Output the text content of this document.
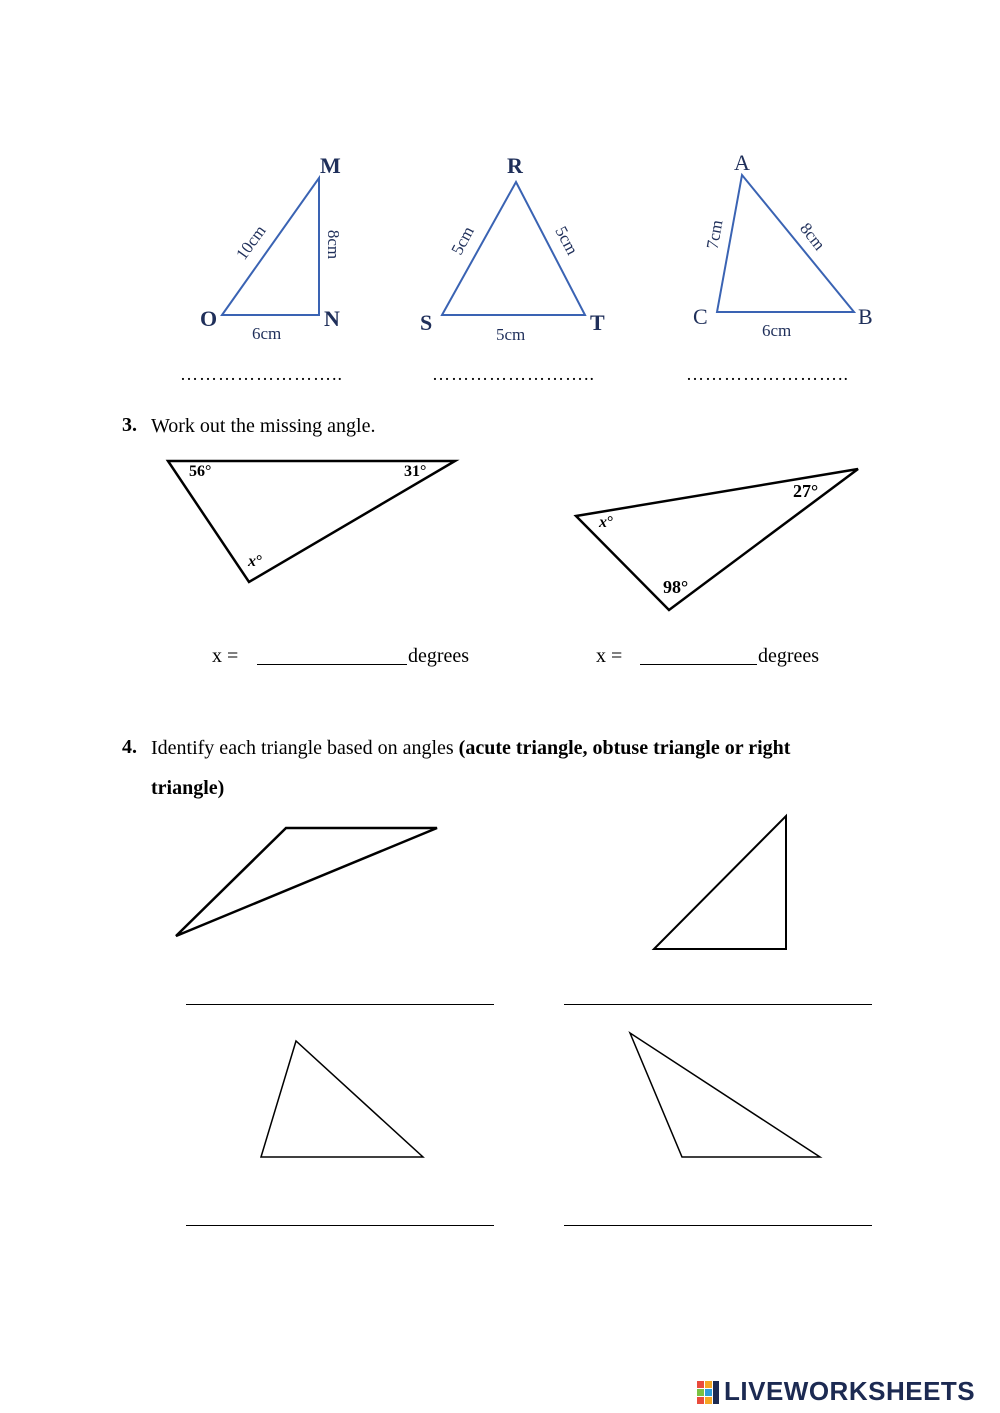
M
N
O
10cm	8cm
6cm
R
S	T
5cm	5cm
5cm
A
C	B
7cm	8cm
6cm
……………………..	……………………..	……………………..
3. Work out the missing angle.
56°	31°
x°
27°
98°
x°
x =	degrees	x =	degrees
4. Identify each triangle based on angles (acute triangle, obtuse triangle or right
triangle)
LIVEWORKSHEETS
